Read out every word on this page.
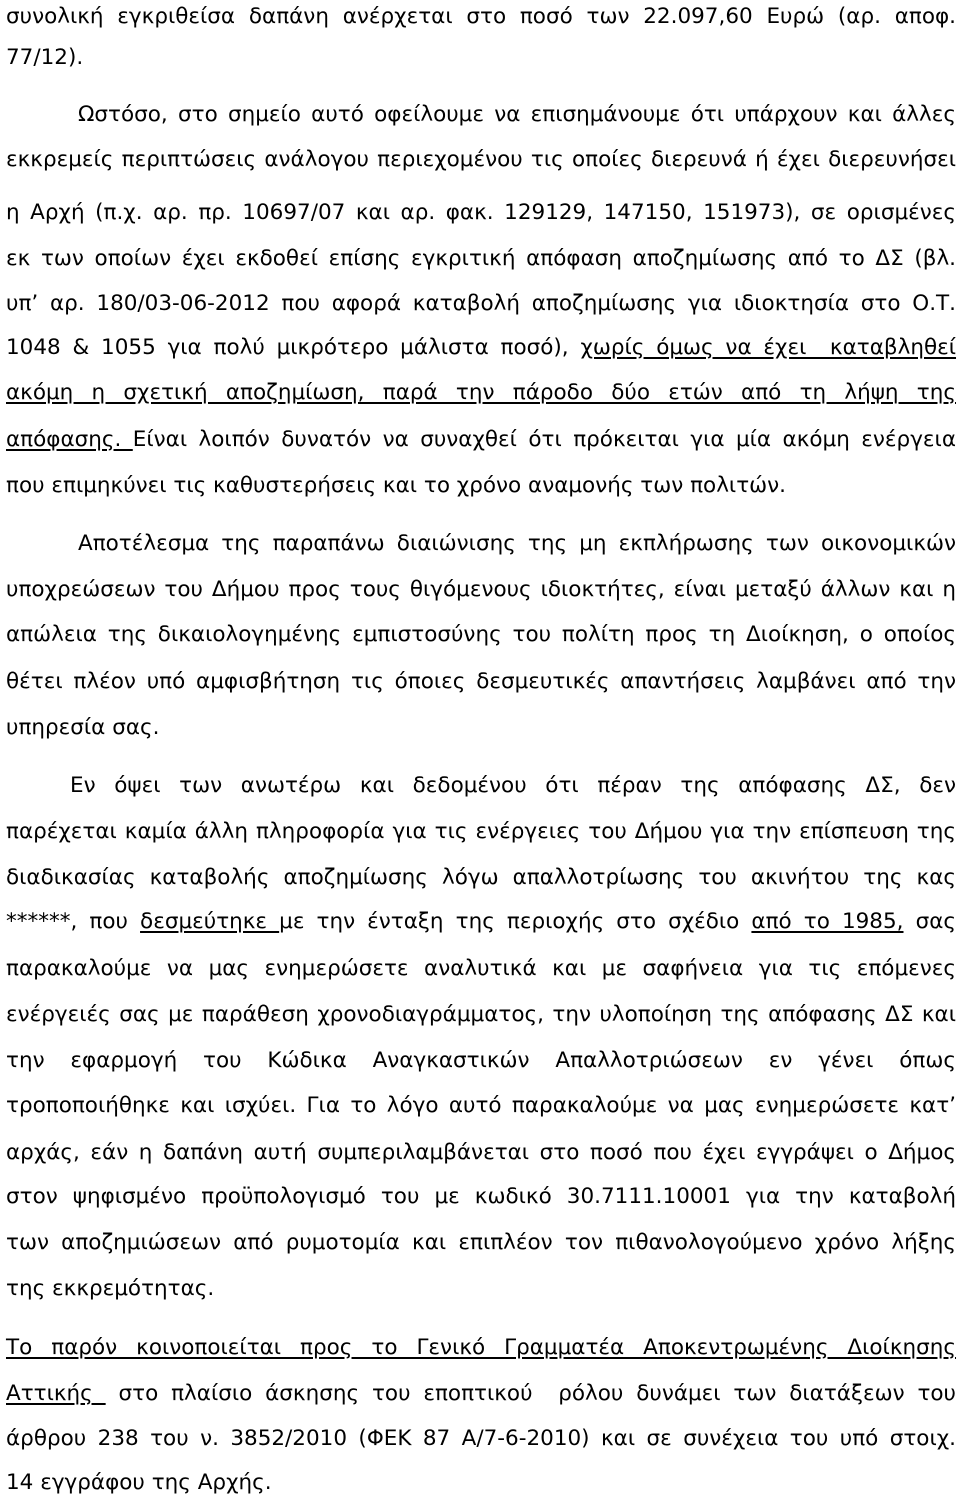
συνολική εγκριθείσα δαπάνη ανέρχεται στο ποσό των 22.097,60 Ευρώ (αρ. αποφ.
77/12).
Ωστόσο, στο σημείο αυτό οφείλουμε να επισημάνουμε ότι υπάρχουν και άλλες
εκκρεμείς περιπτώσεις ανάλογου περιεχομένου τις οποίες διερευνά ή έχει διερευνήσει
η Αρχή (π.χ. αρ. πρ. 10697/07 και αρ. φακ. 129129, 147150, 151973), σε ορισμένες
εκ των οποίων έχει εκδοθεί επίσης εγκριτική απόφαση αποζημίωσης από το ΔΣ (βλ.
υπ’ αρ. 180/03-06-2012 που αφορά καταβολή αποζημίωσης για ιδιοκτησία στο Ο.Τ.
1048 & 1055 για πολύ μικρότερο μάλιστα ποσό), χωρίς όμως να έχει  καταβληθεί
ακόμη η σχετική αποζημίωση, παρά την πάροδο δύο ετών από τη λήψη της
απόφασης. Είναι λοιπόν δυνατόν να συναχθεί ότι πρόκειται για μία ακόμη ενέργεια
που επιμηκύνει τις καθυστερήσεις και το χρόνο αναμονής των πολιτών.
Αποτέλεσμα της παραπάνω διαιώνισης της μη εκπλήρωσης των οικονομικών
υποχρεώσεων του Δήμου προς τους θιγόμενους ιδιοκτήτες, είναι μεταξύ άλλων και η
απώλεια της δικαιολογημένης εμπιστοσύνης του πολίτη προς τη Διοίκηση, ο οποίος
θέτει πλέον υπό αμφισβήτηση τις όποιες δεσμευτικές απαντήσεις λαμβάνει από την
υπηρεσία σας.
Εν όψει των ανωτέρω και δεδομένου ότι πέραν της απόφασης ΔΣ, δεν
παρέχεται καμία άλλη πληροφορία για τις ενέργειες του Δήμου για την επίσπευση της
διαδικασίας καταβολής αποζημίωσης λόγω απαλλοτρίωσης του ακινήτου της κας
******, που δεσμεύτηκε με την ένταξη της περιοχής στο σχέδιο από το 1985, σας
παρακαλούμε να μας ενημερώσετε αναλυτικά και με σαφήνεια για τις επόμενες
ενέργειές σας με παράθεση χρονοδιαγράμματος, την υλοποίηση της απόφασης ΔΣ και
την εφαρμογή του Κώδικα Αναγκαστικών Απαλλοτριώσεων εν γένει όπως
τροποποιήθηκε και ισχύει. Για το λόγο αυτό παρακαλούμε να μας ενημερώσετε κατ’
αρχάς, εάν η δαπάνη αυτή συμπεριλαμβάνεται στο ποσό που έχει εγγράψει ο Δήμος
στον ψηφισμένο προϋπολογισμό του με κωδικό 30.7111.10001 για την καταβολή
των αποζημιώσεων από ρυμοτομία και επιπλέον τον πιθανολογούμενο χρόνο λήξης
της εκκρεμότητας.
Το παρόν κοινοποιείται προς το Γενικό Γραμματέα Αποκεντρωμένης Διοίκησης
Αττικής  στο πλαίσιο άσκησης του εποπτικού  ρόλου δυνάμει των διατάξεων του
άρθρου 238 του ν. 3852/2010 (ΦΕΚ 87 Α/7-6-2010) και σε συνέχεια του υπό στοιχ.
14 εγγράφου της Αρχής.
